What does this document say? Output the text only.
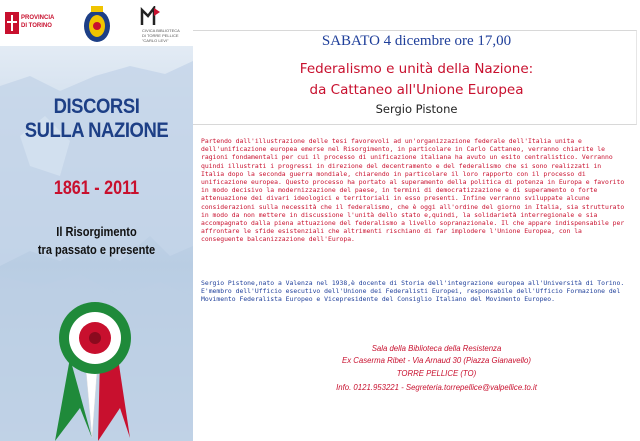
PROVINCIA
DI TORINO
CIVICA BIBLIOTECA
DI TORRE PELLICE
"CARLO LEVI"
DISCORSI
SULLA NAZIONE
1861 - 2011
Il Risorgimento
tra passato e presente
SABATO 4 dicembre ore 17,00
Federalismo e unità della Nazione:
da Cattaneo all'Unione Europea
Sergio Pistone
Partendo dall'illustrazione delle tesi favorevoli ad un'organizzazione federale dell'Italia unita e dell'unificazione europea emerse nel Risorgimento, in particolare in Carlo Cattaneo, verranno chiarite le ragioni fondamentali per cui il processo di unificazione italiana ha avuto un esito centralistico. Verranno quindi illustrati i progressi in direzione del decentramento e del federalismo che si sono realizzati in Italia dopo la seconda guerra mondiale, chiarendo in particolare il loro rapporto con il processo di unificazione europea. Questo processo ha portato al superamento della politica di potenza in Europa e favorito in modo decisivo la modernizzazione del paese, in termini di democratizzazione e di superamento o forte attenuazione dei divari ideologici e territoriali in esso presenti. Infine verranno sviluppate alcune considerazioni sulla necessità che il federalismo, che è oggi all'ordine del giorno in Italia, sia strutturato in modo da non mettere in discussione l'unità dello stato e,quindi, la solidarietà interregionale e sia accompagnato dalla piena attuazione del federalismo a livello sopranazionale. Il che appare indispensabile per affrontare le sfide esistenziali che altrimenti rischiano di far implodere l'Unione Europea, con la conseguente balcanizzazione dell'Europa.
Sergio Pistone,nato a Valenza nel 1938,è docente di Storia dell'integrazione europea all'Università di Torino.
E'membro dell'Ufficio esecutivo dell'Unione dei Federalisti Europei, responsabile dell'Ufficio Formazione del Movimento Federalista Europeo e Vicepresidente del Consiglio Italiano del Movimento Europeo.
Sala della Biblioteca della Resistenza
Ex Caserma Ribet - Via Arnaud 30 (Piazza Gianavello)
TORRE PELLICE (TO)
Info. 0121.953221 - Segreteria.torrepellice@valpellice.to.it
